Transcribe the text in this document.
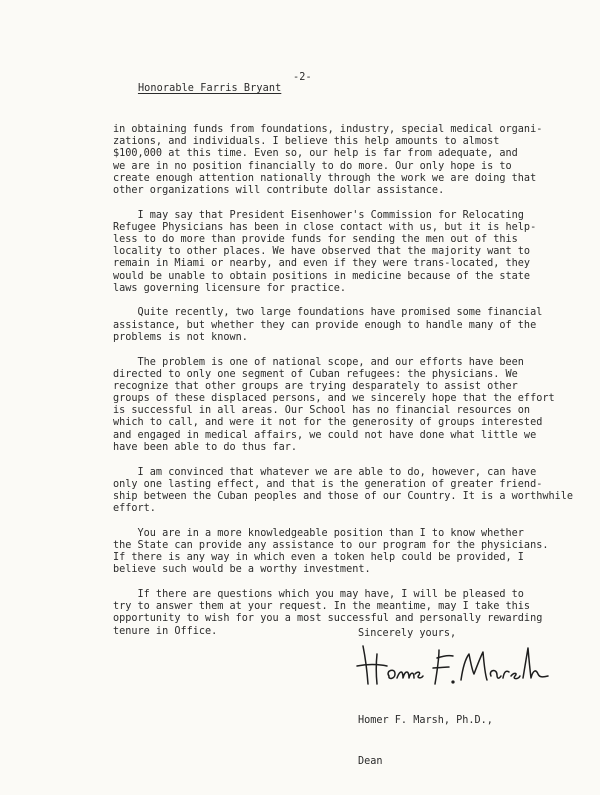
Honorable Farris Bryant

-2-

in obtaining funds from foundations, industry, special medical organi-
zations, and individuals. I believe this help amounts to almost
$100,000 at this time. Even so, our help is far from adequate, and
we are in no position financially to do more. Our only hope is to
create enough attention nationally through the work we are doing that
other organizations will contribute dollar assistance.
I may say that President Eisenhower's Commission for Relocating
Refugee Physicians has been in close contact with us, but it is help-
less to do more than provide funds for sending the men out of this
locality to other places. We have observed that the majority want to
remain in Miami or nearby, and even if they were trans-located, they
would be unable to obtain positions in medicine because of the state
laws governing licensure for practice.
Quite recently, two large foundations have promised some financial
assistance, but whether they can provide enough to handle many of the
problems is not known.
The problem is one of national scope, and our efforts have been
directed to only one segment of Cuban refugees: the physicians. We
recognize that other groups are trying desparately to assist other
groups of these displaced persons, and we sincerely hope that the effort
is successful in all areas. Our School has no financial resources on
which to call, and were it not for the generosity of groups interested
and engaged in medical affairs, we could not have done what little we
have been able to do thus far.
I am convinced that whatever we are able to do, however, can have
only one lasting effect, and that is the generation of greater friend-
ship between the Cuban peoples and those of our Country. It is a worthwhile
effort.
You are in a more knowledgeable position than I to know whether
the State can provide any assistance to our program for the physicians.
If there is any way in which even a token help could be provided, I
believe such would be a worthy investment.
If there are questions which you may have, I will be pleased to
try to answer them at your request. In the meantime, may I take this
opportunity to wish for you a most successful and personally rewarding
tenure in Office.	Sincerely yours,

Homer F. Marsh, Ph.D.,

Dean
